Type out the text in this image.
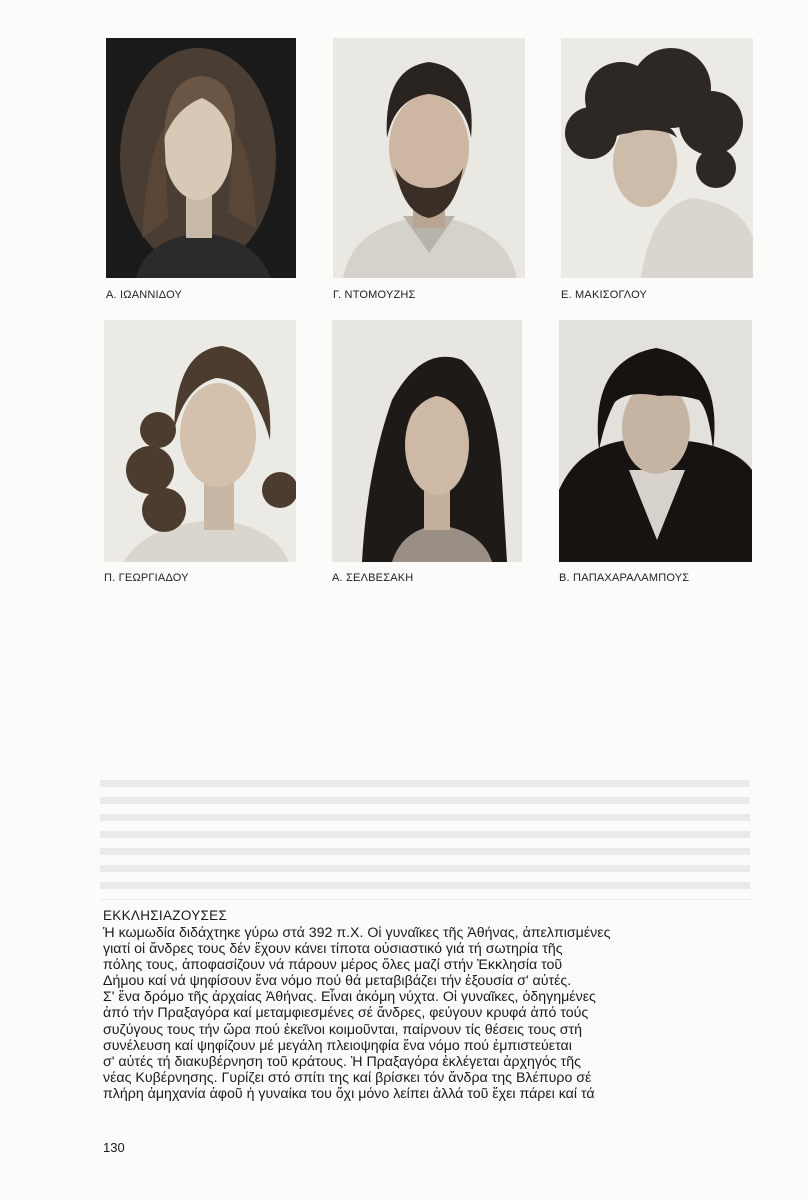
Α. ΙΩΑΝΝΙΔΟΥ	Γ. ΝΤΟΜΟΥΖΗΣ	Ε. ΜΑΚΙΣΟΓΛΟΥ
Π. ΓΕΩΡΓΙΑΔΟΥ	Α. ΣΕΛΒΕΣΑΚΗ	Β. ΠΑΠΑΧΑΡΑΛΑΜΠΟΥΣ
ΕΚΚΛΗΣΙΑΖΟΥΣΕΣ
Ἡ κωμωδία διδάχτηκε γύρω στά 392 π.Χ. Οἱ γυναῖκες τῆς Ἀθήνας, ἀπελπισμένες
γιατί οἱ ἄνδρες τους δέν ἔχουν κάνει τίποτα οὐσιαστικό γιά τή σωτηρία τῆς
πόλης τους, ἀποφασίζουν νά πάρουν μέρος ὅλες μαζί στήν Ἐκκλησία τοῦ
Δήμου καί νά ψηφίσουν ἕνα νόμο πού θά μεταβιβάζει τήν ἐξουσία σ' αὐτές.
Σ' ἕνα δρόμο τῆς ἀρχαίας Ἀθήνας. Εἶναι ἀκόμη νύχτα. Οἱ γυναῖκες, ὁδηγημένες
ἀπό τήν Πραξαγόρα καί μεταμφιεσμένες σέ ἄνδρες, φεύγουν κρυφά ἀπό τούς
συζύγους τους τήν ὥρα πού ἐκεῖνοι κοιμοῦνται, παίρνουν τίς θέσεις τους στή
συνέλευση καί ψηφίζουν μέ μεγάλη πλειοψηφία ἕνα νόμο πού ἐμπιστεύεται
σ' αὐτές τή διακυβέρνηση τοῦ κράτους. Ἡ Πραξαγόρα ἐκλέγεται ἀρχηγός τῆς
νέας Κυβέρνησης. Γυρίζει στό σπίτι της καί βρίσκει τόν ἄνδρα της Βλέπυρο σέ
πλήρη ἀμηχανία ἀφοῦ ἡ γυναίκα του ὄχι μόνο λείπει ἀλλά τοῦ ἔχει πάρει καί τά
130
